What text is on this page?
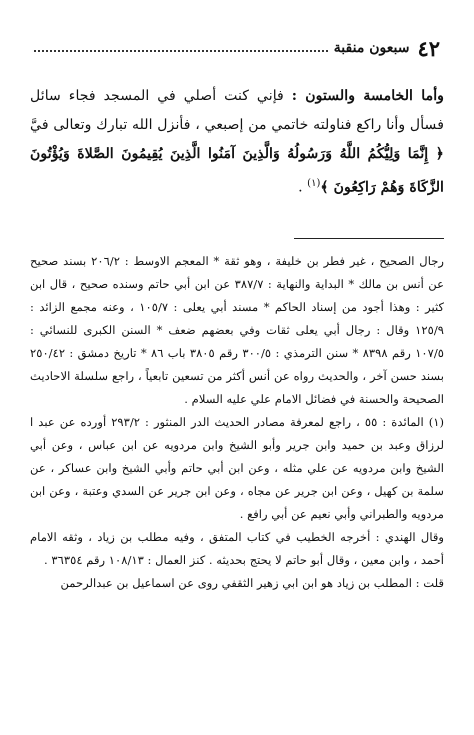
٤٢
سبعون منقبة
وأما الخامسة والستون : فإني كنت أصلي في المسجد فجاء سائل فسأل وأنا راكع فناولته خاتمي من إصبعي ، فأنزل الله تبارك وتعالى فيَّ ﴿ إِنَّمَا وَلِيُّكُمُ اللَّهُ وَرَسُولُهُ وَالَّذِينَ آمَنُوا الَّذِينَ يُقِيمُونَ الصَّلاةَ وَيُؤْتُونَ الزَّكَاةَ وَهُمْ رَاكِعُونَ ﴾$^{(١)}$ .

رجال الصحيح ، غير فطر بن خليفة ، وهو ثقة * المعجم الاوسط : ٢٠٦/٢ بسند صحيح عن أنس بن مالك * البداية والنهاية : ٣٨٧/٧ عن ابن أبي حاتم وسنده صحيح ، قال ابن كثير : وهذا أجود من إسناد الحاكم * مسند أبي يعلى : ١٠٥/٧ ، وعنه مجمع الزائد : ١٢٥/٩ وقال : رجال أبي يعلى ثقات وفي بعضهم ضعف * السنن الكبرى للنسائي : ١٠٧/٥ رقم ٨٣٩٨ * سنن الترمذي : ٣٠٠/٥ رقم ٣٨٠٥ باب ٨٦ * تاريخ دمشق : ٢٥٠/٤٢ بسند حسن آخر ، والحديث رواه عن أنس أكثر من تسعين تابعياً ، راجع سلسلة الاحاديث الصحيحة والحسنة في فضائل الامام علي عليه السلام .

(١) المائدة : ٥٥ ، راجع لمعرفة مصادر الحديث الدر المنثور : ٢٩٣/٢ أورده عن عبد ا لرزاق وعبد بن حميد وابن جرير وأبو الشيخ وابن مردويه عن ابن عباس ، وعن أبي الشيخ وابن مردويه عن علي مثله ، وعن ابن أبي حاتم وأبي الشيخ وابن عساكر ، عن سلمة بن كهيل ، وعن ابن جرير عن مجاه ، وعن ابن جرير عن السدي وعتبة ، وعن ابن مردويه والطبراني وأبي نعيم عن أبي رافع .

وقال الهندي : أخرجه الخطيب في كتاب المتفق ، وفيه مطلب بن زياد ، وثقه الامام أحمد ، وابن معين ، وقال أبو حاتم لا يحتج بحديثه . كنز العمال : ١٠٨/١٣ رقم ٣٦٣٥٤ .

قلت : المطلب بن زياد هو ابن ابي زهير الثقفي روى عن اسماعيل بن عبدالرحمن
